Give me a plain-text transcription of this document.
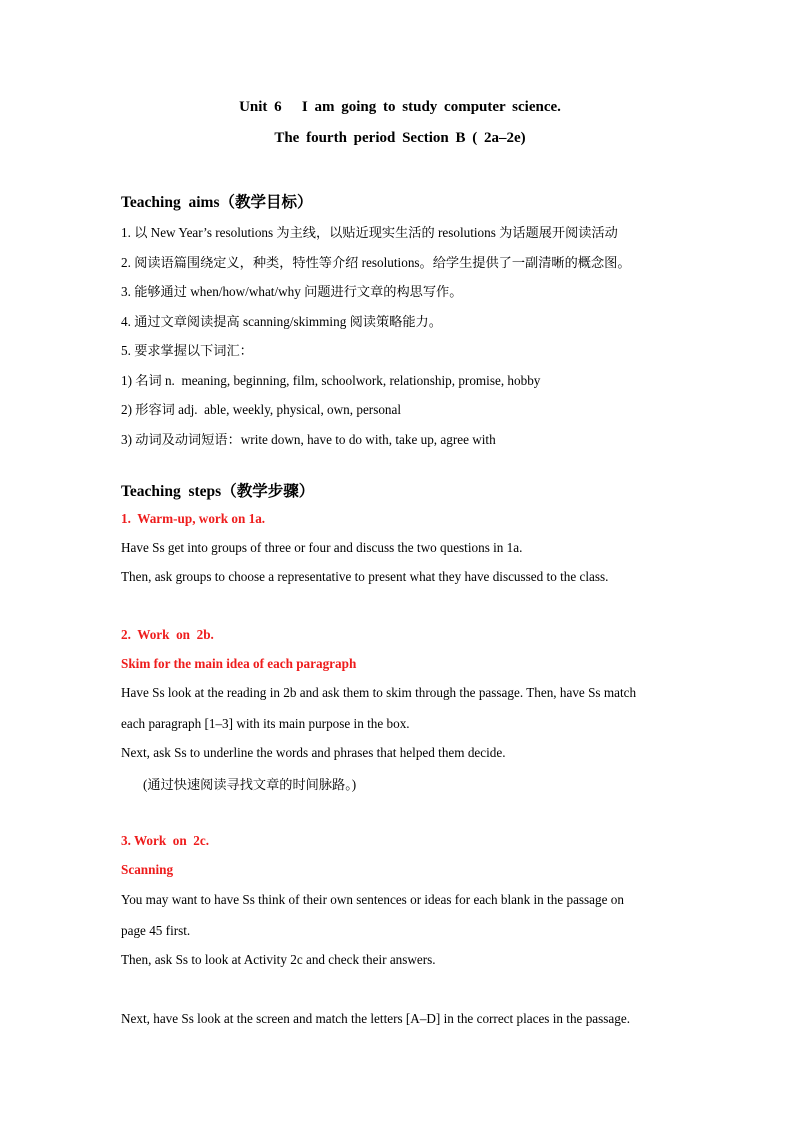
Unit 6   I am going to study computer science.
The fourth period Section B ( 2a–2e)
Teaching  aims（教学目标）
1. 以 New Year’s resolutions 为主线，以贴近现实生活的 resolutions 为话题展开阅读活动
2. 阅读语篇围绕定义，种类，特性等介绍 resolutions。给学生提供了一副清晰的概念图。
3. 能够通过 when/how/what/why 问题进行文章的构思写作。
4. 通过文章阅读提高 scanning/skimming 阅读策略能力。
5. 要求掌握以下词汇：
1) 名词 n.  meaning, beginning, film, schoolwork, relationship, promise, hobby
2) 形容词 adj.  able, weekly, physical, own, personal
3) 动词及动词短语：write down, have to do with, take up, agree with
Teaching  steps（教学步骤）
1.  Warm-up, work on 1a.
Have Ss get into groups of three or four and discuss the two questions in 1a.
Then, ask groups to choose a representative to present what they have discussed to the class.
2.  Work  on  2b.
Skim for the main idea of each paragraph
Have Ss look at the reading in 2b and ask them to skim through the passage. Then, have Ss match
each paragraph [1–3] with its main purpose in the box.
Next, ask Ss to underline the words and phrases that helped them decide.
(通过快速阅读寻找文章的时间脉路。)
3. Work  on  2c.
Scanning
You may want to have Ss think of their own sentences or ideas for each blank in the passage on
page 45 first.
Then, ask Ss to look at Activity 2c and check their answers.
Next, have Ss look at the screen and match the letters [A–D] in the correct places in the passage.
